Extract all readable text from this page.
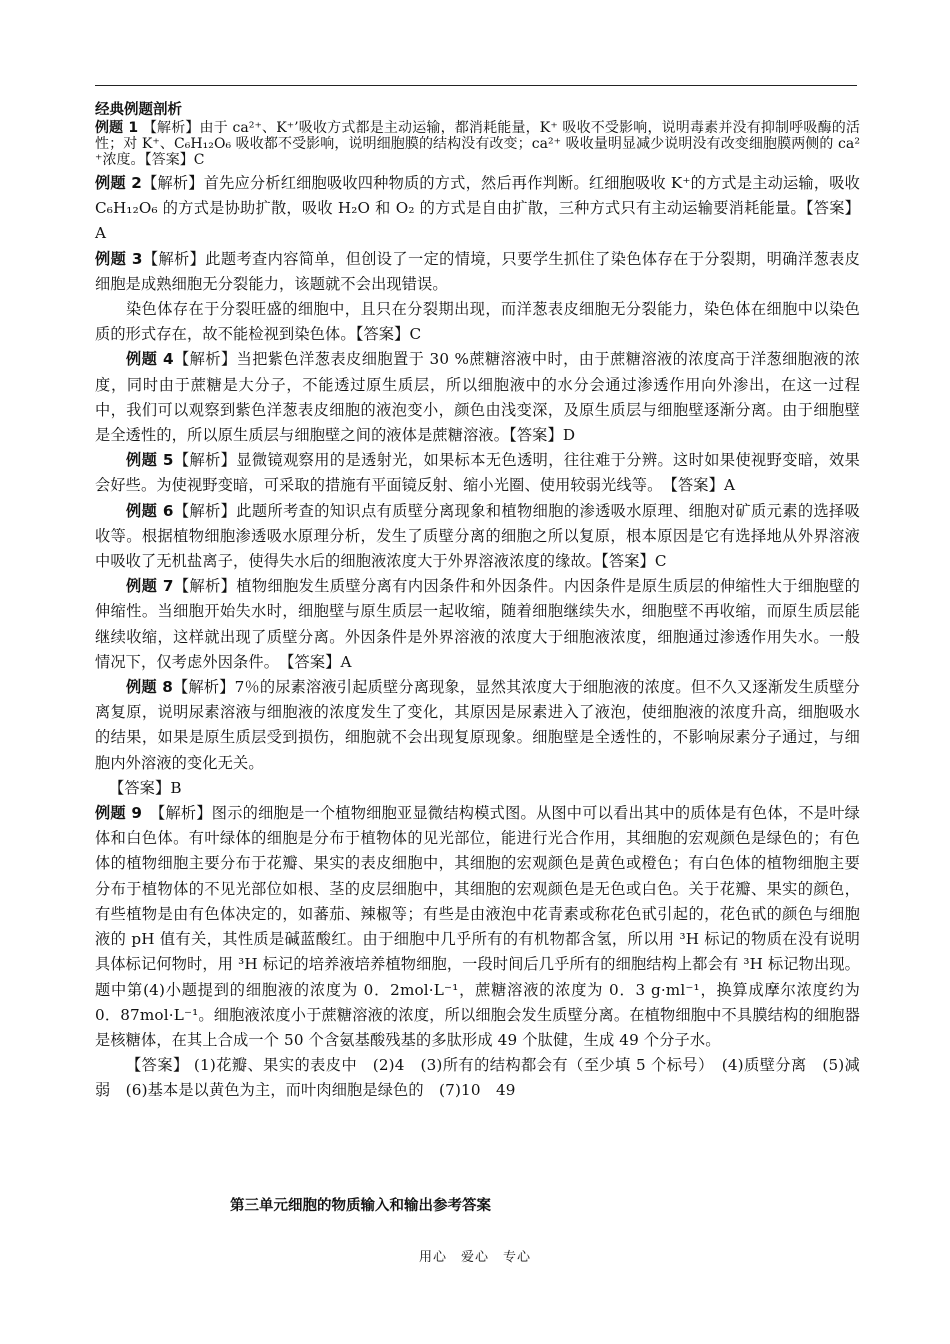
经典例题剖析

例题 1 【解析】由于 ca²⁺、K⁺’吸收方式都是主动运输，都消耗能量，K⁺ 吸收不受影响，说明毒素并没有抑制呼吸酶的活性；对 K⁺、C₆H₁₂O₆ 吸收都不受影响，说明细胞膜的结构没有改变；ca²⁺ 吸收量明显减少说明没有改变细胞膜两侧的 ca²⁺浓度。【答案】C

例题 2【解析】首先应分析红细胞吸收四种物质的方式，然后再作判断。红细胞吸收 K⁺的方式是主动运输，吸收 C₆H₁₂O₆ 的方式是协助扩散，吸收 H₂O 和 O₂ 的方式是自由扩散，三种方式只有主动运输要消耗能量。【答案】A

例题 3【解析】此题考查内容简单，但创设了一定的情境，只要学生抓住了染色体存在于分裂期，明确洋葱表皮细胞是成熟细胞无分裂能力，该题就不会出现错误。

染色体存在于分裂旺盛的细胞中，且只在分裂期出现，而洋葱表皮细胞无分裂能力，染色体在细胞中以染色质的形式存在，故不能检视到染色体。【答案】C

例题 4【解析】当把紫色洋葱表皮细胞置于 30 %蔗糖溶液中时，由于蔗糖溶液的浓度高于洋葱细胞液的浓度，同时由于蔗糖是大分子，不能透过原生质层，所以细胞液中的水分会通过渗透作用向外渗出，在这一过程中，我们可以观察到紫色洋葱表皮细胞的液泡变小，颜色由浅变深，及原生质层与细胞壁逐渐分离。由于细胞壁是全透性的，所以原生质层与细胞壁之间的液体是蔗糖溶液。【答案】D

例题 5【解析】显微镜观察用的是透射光，如果标本无色透明，往往难于分辨。这时如果使视野变暗，效果会好些。为使视野变暗，可采取的措施有平面镜反射、缩小光圈、使用较弱光线等。　【答案】A

例题 6【解析】此题所考查的知识点有质壁分离现象和植物细胞的渗透吸水原理、细胞对矿质元素的选择吸收等。根据植物细胞渗透吸水原理分析，发生了质壁分离的细胞之所以复原，根本原因是它有选择地从外界溶液中吸收了无机盐离子，使得失水后的细胞液浓度大于外界溶液浓度的缘故。【答案】C

例题 7【解析】植物细胞发生质壁分离有内因条件和外因条件。内因条件是原生质层的伸缩性大于细胞壁的伸缩性。当细胞开始失水时，细胞壁与原生质层一起收缩，随着细胞继续失水，细胞壁不再收缩，而原生质层能继续收缩，这样就出现了质壁分离。外因条件是外界溶液的浓度大于细胞液浓度，细胞通过渗透作用失水。一般情况下，仅考虑外因条件。　【答案】A

例题 8【解析】7％的尿素溶液引起质壁分离现象，显然其浓度大于细胞液的浓度。但不久又逐渐发生质壁分离复原，说明尿素溶液与细胞液的浓度发生了变化，其原因是尿素进入了液泡，使细胞液的浓度升高，细胞吸水的结果，如果是原生质层受到损伤，细胞就不会出现复原现象。细胞壁是全透性的，不影响尿素分子通过，与细胞内外溶液的变化无关。

【答案】B

例题 9　【解析】图示的细胞是一个植物细胞亚显微结构模式图。从图中可以看出其中的质体是有色体，不是叶绿体和白色体。有叶绿体的细胞是分布于植物体的见光部位，能进行光合作用，其细胞的宏观颜色是绿色的；有色体的植物细胞主要分布于花瓣、果实的表皮细胞中，其细胞的宏观颜色是黄色或橙色；有白色体的植物细胞主要分布于植物体的不见光部位如根、茎的皮层细胞中，其细胞的宏观颜色是无色或白色。关于花瓣、果实的颜色，有些植物是由有色体决定的，如蕃茄、辣椒等；有些是由液泡中花青素或称花色甙引起的，花色甙的颜色与细胞液的 pH 值有关，其性质是碱蓝酸红。由于细胞中几乎所有的有机物都含氢，所以用 ³H 标记的物质在没有说明具体标记何物时，用 ³H 标记的培养液培养植物细胞，一段时间后几乎所有的细胞结构上都会有 ³H 标记物出现。题中第(4)小题提到的细胞液的浓度为 0．2mol·L⁻¹，蔗糖溶液的浓度为 0．3 g·ml⁻¹，换算成摩尔浓度约为 0．87mol·L⁻¹。细胞液浓度小于蔗糖溶液的浓度，所以细胞会发生质壁分离。在植物细胞中不具膜结构的细胞器是核糖体，在其上合成一个 50 个含氨基酸残基的多肽形成 49 个肽健，生成 49 个分子水。

【答案】 (1)花瓣、果实的表皮中　(2)4　(3)所有的结构都会有（至少填 5 个标号）　(4)质壁分离　(5)减弱　(6)基本是以黄色为主，而叶肉细胞是绿色的　(7)10　49

第三单元细胞的物质输入和输出参考答案
用心　爱心　专心
